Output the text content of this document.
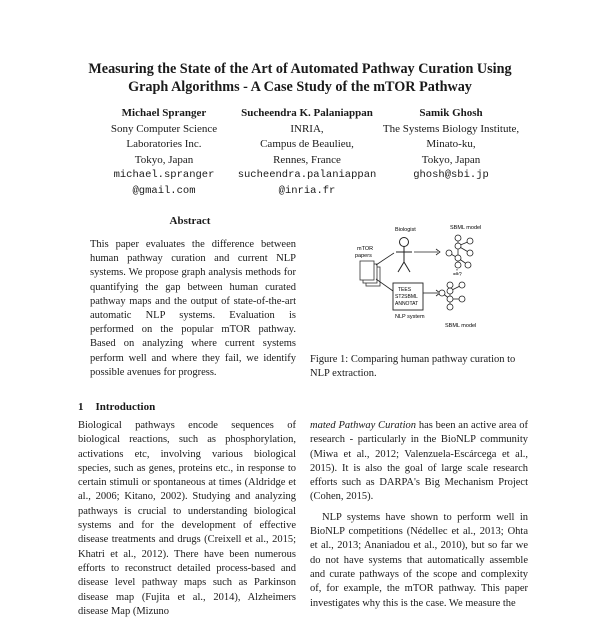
Measuring the State of the Art of Automated Pathway Curation Using Graph Algorithms - A Case Study of the mTOR Pathway
Michael Spranger
Sony Computer Science
Laboratories Inc.
Tokyo, Japan
michael.spranger
@gmail.com
Sucheendra K. Palaniappan
INRIA,
Campus de Beaulieu,
Rennes, France
sucheendra.palaniappan
@inria.fr
Samik Ghosh
The Systems Biology Institute,
Minato-ku,
Tokyo, Japan
ghosh@sbi.jp
Abstract
This paper evaluates the difference between human pathway curation and current NLP systems. We propose graph analysis methods for quantifying the gap between human curated pathway maps and the output of state-of-the-art automatic NLP systems. Evaluation is performed on the popular mTOR pathway. Based on analyzing where current systems perform well and where they fail, we identify possible avenues for progress.
Biologist
mTOR
papers
TEES
ST2SBML
ANNOTAT
NLP system
SBML model
==?
SBML model
Figure 1: Comparing human pathway curation to NLP extraction.
1 Introduction

Biological pathways encode sequences of biological reactions, such as phosphorylation, activations etc, involving various biological species, such as genes, proteins etc., in response to certain stimuli or spontaneous at times (Aldridge et al., 2006; Kitano, 2002). Studying and analyzing pathways is crucial to understanding biological systems and for the development of effective disease treatments and drugs (Creixell et al., 2015; Khatri et al., 2012). There have been numerous efforts to reconstruct detailed process-based and disease level pathway maps such as Parkinson disease map (Fujita et al., 2014), Alzheimers disease Map (Mizuno

mated Pathway Curation has been an active area of research - particularly in the BioNLP community (Miwa et al., 2012; Valenzuela-Escárcega et al., 2015). It is also the goal of large scale research efforts such as DARPA's Big Mechanism Project (Cohen, 2015).

NLP systems have shown to perform well in BioNLP competitions (Nédellec et al., 2013; Ohta et al., 2013; Ananiadou et al., 2010), but so far we do not have systems that automatically assemble and curate pathways of the scope and complexity of, for example, the mTOR pathway. This paper investigates why this is the case. We measure the
